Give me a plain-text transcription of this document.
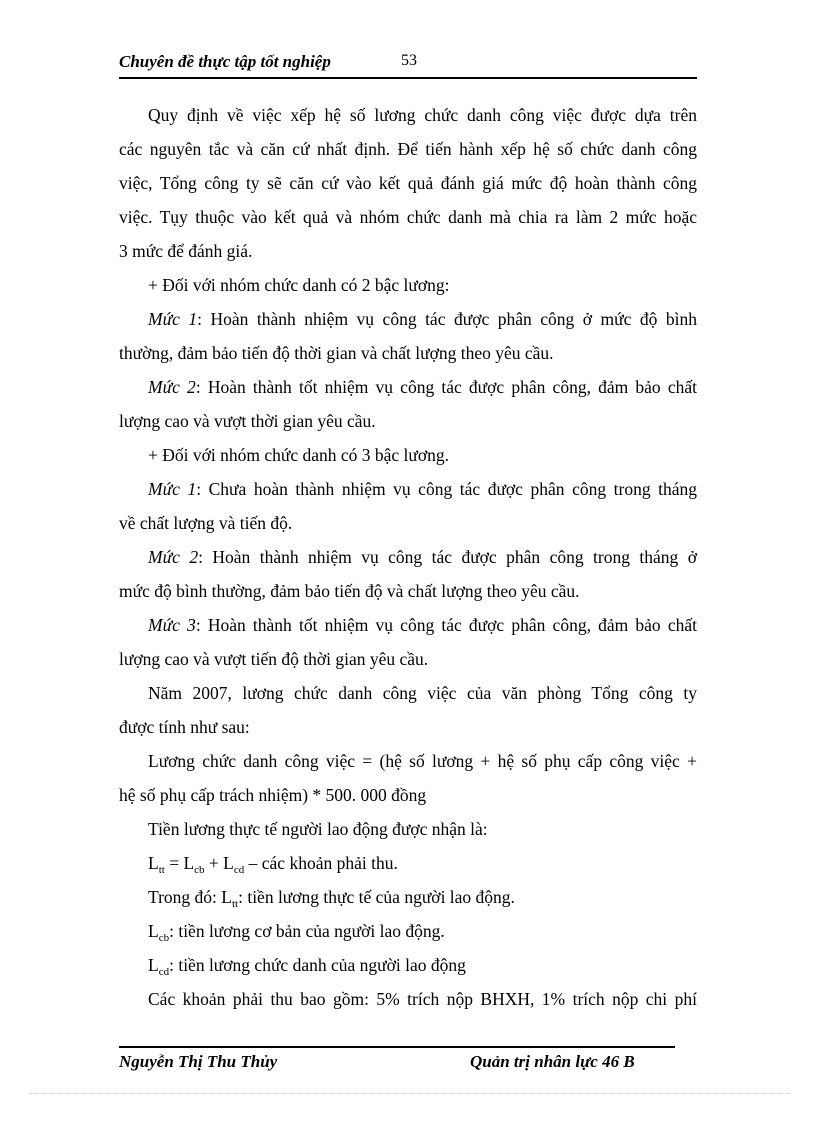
Chuyên đề thực tập tốt nghiệp	53
Quy định về việc xếp hệ số lương chức danh công việc được dựa trên
các nguyên tắc và căn cứ nhất định. Để tiến hành xếp hệ số chức danh công
việc, Tổng công ty sẽ căn cứ vào kết quả đánh giá mức độ hoàn thành công
việc. Tụy thuộc vào kết quả và nhóm chức danh mà chia ra làm 2 mức hoặc
3 mức để đánh giá.
+ Đối với nhóm chức danh có 2 bậc lương:
Mức 1: Hoàn thành nhiệm vụ công tác được phân công ở mức độ bình
thường, đảm bảo tiến độ thời gian và chất lượng theo yêu cầu.
Mức 2: Hoàn thành tốt nhiệm vụ công tác được phân công, đảm bảo chất
lượng cao và vượt thời gian yêu cầu.
+ Đối với nhóm chức danh có 3 bậc lương.
Mức 1: Chưa hoàn thành nhiệm vụ công tác được phân công trong tháng
về chất lượng và tiến độ.
Mức 2: Hoàn thành nhiệm vụ công tác được phân công trong tháng ở
mức độ bình thường, đảm bảo tiến độ và chất lượng theo yêu cầu.
Mức 3: Hoàn thành tốt nhiệm vụ công tác được phân công, đảm bảo chất
lượng cao và vượt tiến độ thời gian yêu cầu.
Năm 2007, lương chức danh công việc của văn phòng Tổng công ty
được tính như sau:
Lương chức danh công việc = (hệ số lương + hệ số phụ cấp công việc +
hệ số phụ cấp trách nhiệm) * 500. 000 đồng
Tiền lương thực tế người lao động được nhận là:
$L_{tt} = L_{cb} + L_{cd}$ – các khoản phải thu.
Trong đó: $L_{tt}$: tiền lương thực tế của người lao động.
$L_{cb}$: tiền lương cơ bản của người lao động.
$L_{cd}$: tiền lương chức danh của người lao động
Các khoản phải thu bao gồm: 5% trích nộp BHXH, 1% trích nộp chi phí
Nguyễn Thị Thu Thủy	Quản trị nhân lực 46 B
